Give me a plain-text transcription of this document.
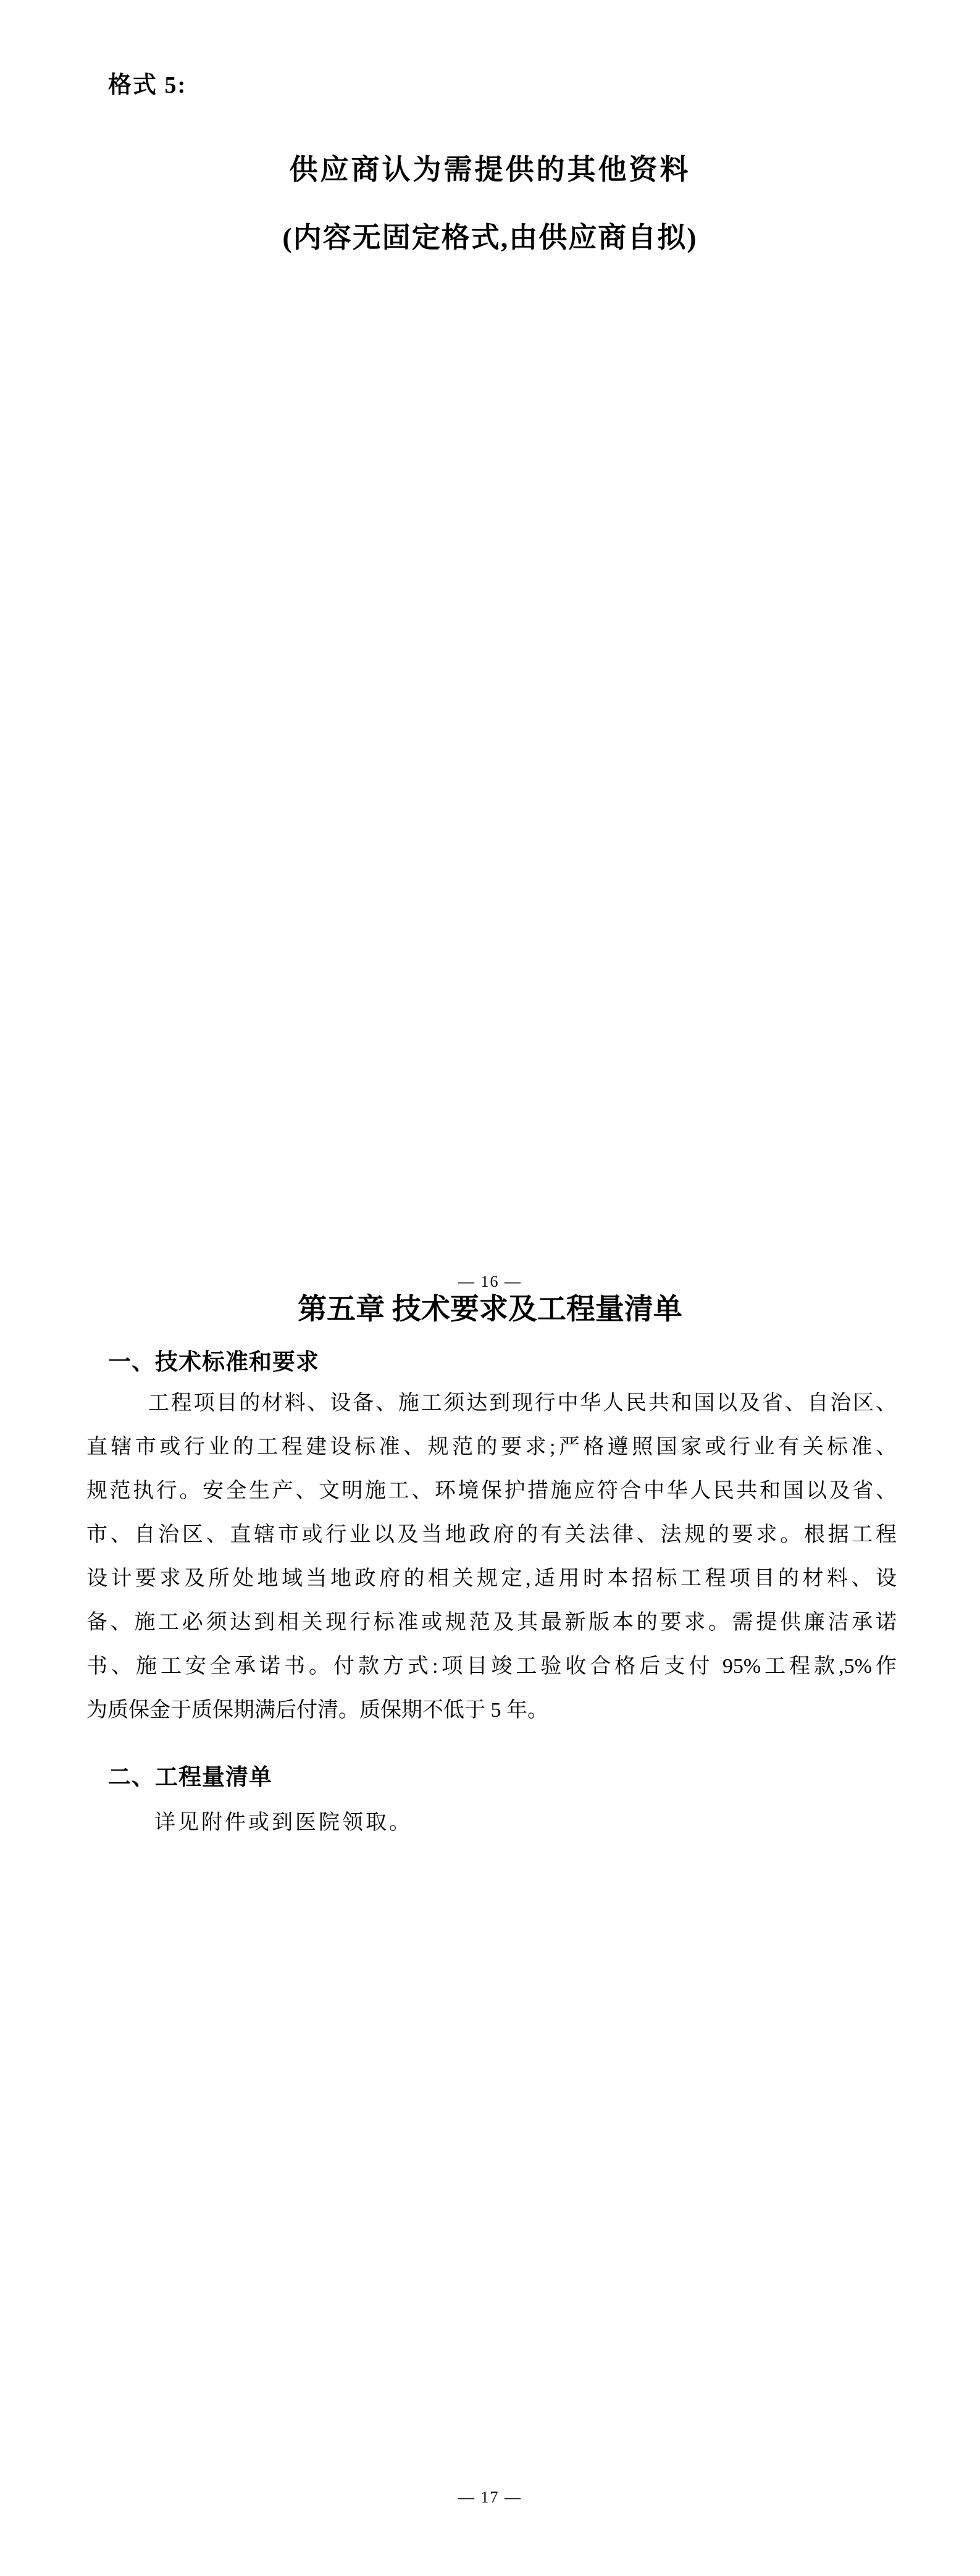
格式 5:
供应商认为需提供的其他资料
(内容无固定格式,由供应商自拟)
— 16 —
第五章 技术要求及工程量清单
一、技术标准和要求
工程项目的材料、设备、施工须达到现行中华人民共和国以及省、自治区、
直辖市或行业的工程建设标准、规范的要求;严格遵照国家或行业有关标准、
规范执行。安全生产、文明施工、环境保护措施应符合中华人民共和国以及省、
市、自治区、直辖市或行业以及当地政府的有关法律、法规的要求。根据工程
设计要求及所处地域当地政府的相关规定,适用时本招标工程项目的材料、设
备、施工必须达到相关现行标准或规范及其最新版本的要求。需提供廉洁承诺
书、施工安全承诺书。付款方式:项目竣工验收合格后支付 95%工程款,5%作
为质保金于质保期满后付清。质保期不低于 5 年。
二、工程量清单
详见附件或到医院领取。
— 17 —
